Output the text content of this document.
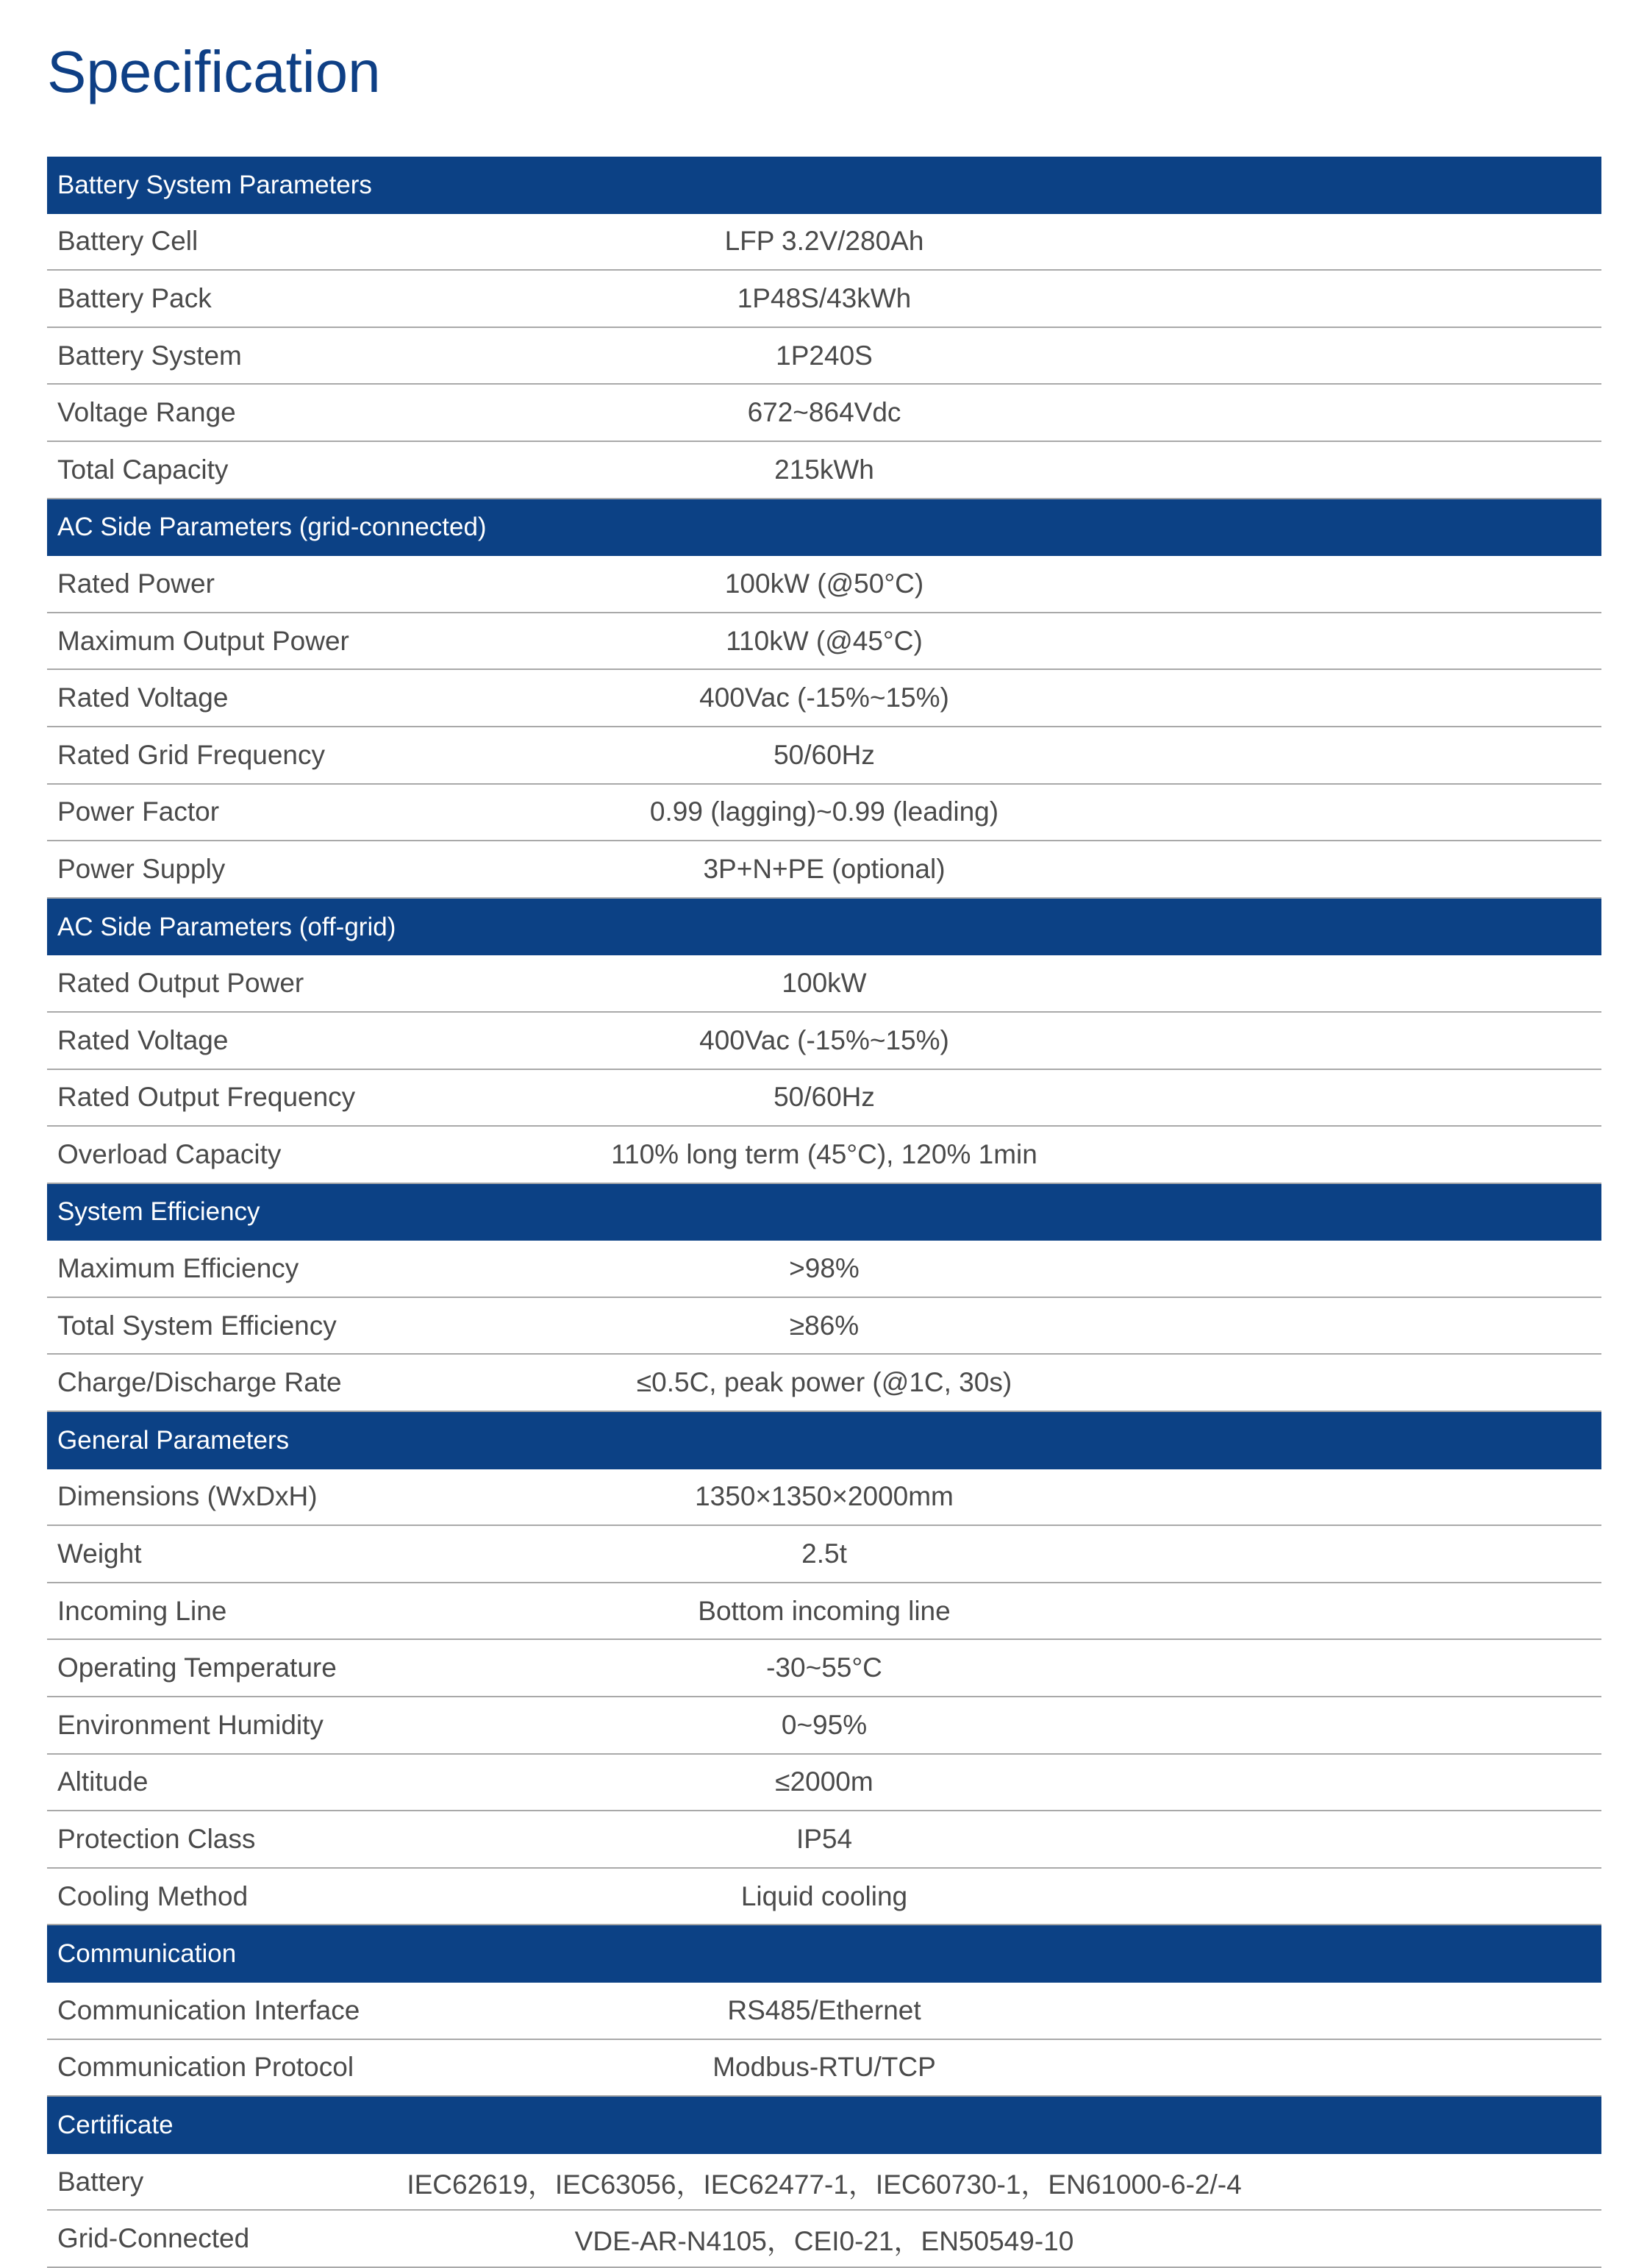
Specification
Battery System Parameters
Battery Cell	LFP 3.2V/280Ah
Battery Pack	1P48S/43kWh
Battery System	1P240S
Voltage Range	672~864Vdc
Total Capacity	215kWh
AC Side Parameters (grid-connected)
Rated Power	100kW (@50°C)
Maximum Output Power	110kW (@45°C)
Rated Voltage	400Vac (-15%~15%)
Rated Grid Frequency	50/60Hz
Power Factor	0.99 (lagging)~0.99 (leading)
Power Supply	3P+N+PE (optional)
AC Side Parameters (off-grid)
Rated Output Power	100kW
Rated Voltage	400Vac (-15%~15%)
Rated Output Frequency	50/60Hz
Overload Capacity	110% long term (45°C), 120% 1min
System Efficiency
Maximum Efficiency	>98%
Total System Efficiency	≥86%
Charge/Discharge Rate	≤0.5C, peak power (@1C, 30s)
General Parameters
Dimensions (WxDxH)	1350×1350×2000mm
Weight	2.5t
Incoming Line	Bottom incoming line
Operating Temperature	-30~55°C
Environment Humidity	0~95%
Altitude	≤2000m
Protection Class	IP54
Cooling Method	Liquid cooling
Communication
Communication Interface	RS485/Ethernet
Communication Protocol	Modbus-RTU/TCP
Certificate
Battery	IEC62619，IEC63056，IEC62477-1，IEC60730-1，EN61000-6-2/-4
Grid-Connected	VDE-AR-N4105，CEI0-21，EN50549-10
